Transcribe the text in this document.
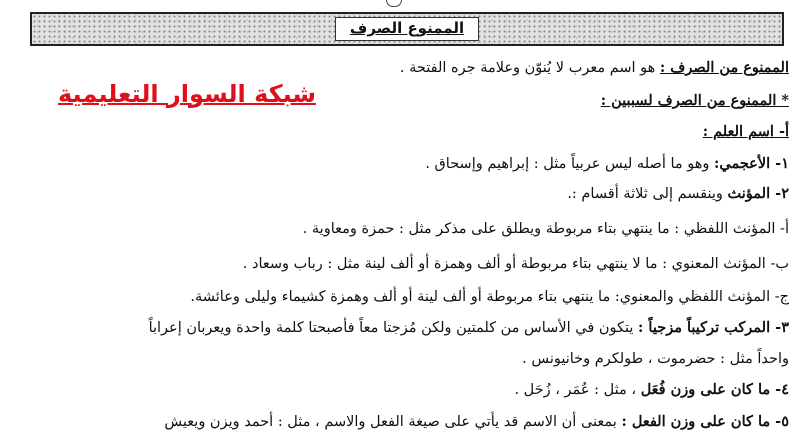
الممنوع الصرف
الممنوع من الصرف : هو اسم معرب لا يُنوّن وعلامة جره الفتحة .
شبكة السوار التعليمية	* الممنوع من الصرف لسببين :
أ- اسم العلم :
١- الأعجمي: وهو ما أصله ليس عربياً مثل : إبراهيم وإسحاق .
٢- المؤنث وينقسم إلى ثلاثة أقسام :.
أ- المؤنث اللفظي : ما ينتهي بتاء مربوطة ويطلق على مذكر مثل : حمزة ومعاوية .
ب- المؤنث المعنوي : ما لا ينتهي بتاء مربوطة أو ألف وهمزة أو ألف لينة مثل : رباب وسعاد .
ج- المؤنث اللفظي والمعنوي: ما ينتهي بتاء مربوطة أو ألف لينة أو ألف وهمزة كشيماء وليلى وعائشة.
٣- المركب تركيباً مزجياً : يتكون في الأساس من كلمتين ولكن مُزجتا معاً فأصبحتا كلمة واحدة ويعربان إعراباً
واحداً مثل : حضرموت ، طولكرم وخانيونس .
٤- ما كان على وزن فُعَل ، مثل : عُمَر ، زُحَل .
٥- ما كان على وزن الفعل : بمعنى أن الاسم قد يأتي على صيغة الفعل والاسم ، مثل : أحمد ويزن ويعيش
